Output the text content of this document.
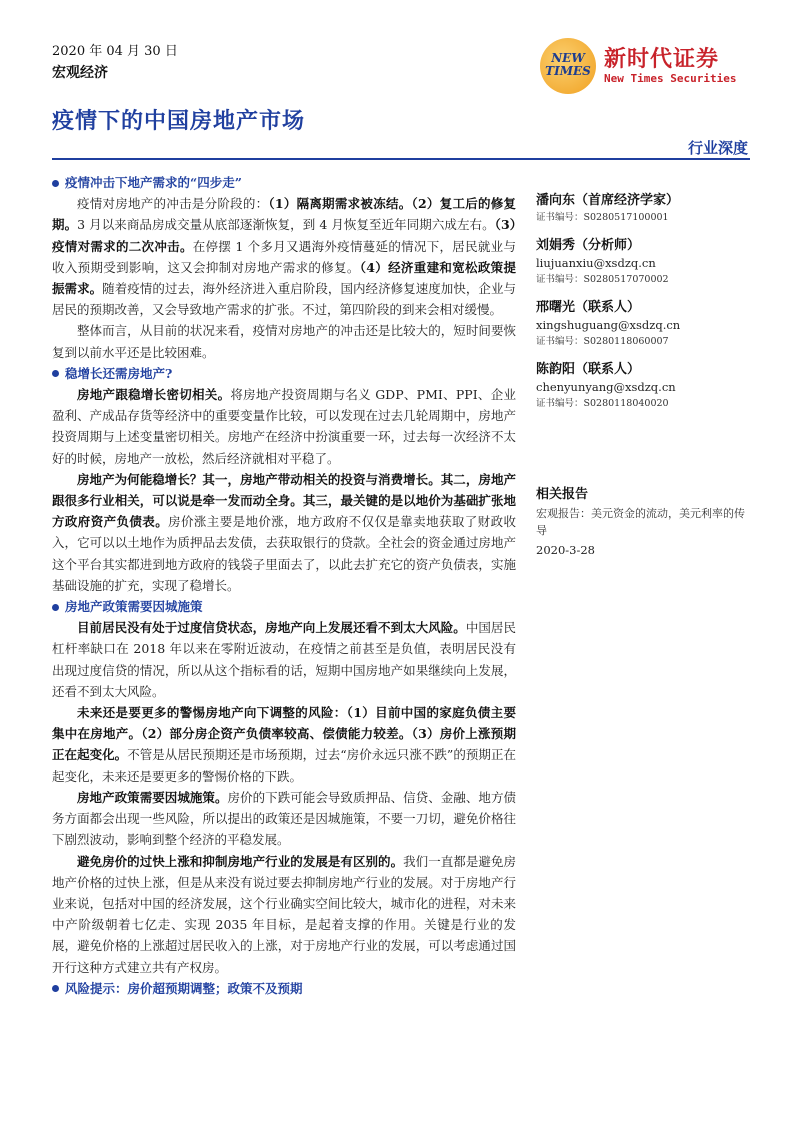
2020 年 04 月 30 日
宏观经济
NEW TIMES 新时代证券
New Times Securities
疫情下的中国房地产市场
行业深度
疫情冲击下地产需求的“四步走”

疫情对房地产的冲击是分阶段的：（1）隔离期需求被冻结。（2）复工后的修复期。3 月以来商品房成交量从底部逐渐恢复，到 4 月恢复至近年同期六成左右。（3）疫情对需求的二次冲击。在停摆 1 个多月又遇海外疫情蔓延的情况下，居民就业与收入预期受到影响，这又会抑制对房地产需求的修复。（4）经济重建和宽松政策提振需求。随着疫情的过去，海外经济进入重启阶段，国内经济修复速度加快，企业与居民的预期改善，又会导致地产需求的扩张。不过，第四阶段的到来会相对缓慢。

整体而言，从目前的状况来看，疫情对房地产的冲击还是比较大的，短时间要恢复到以前水平还是比较困难。

稳增长还需房地产?

房地产跟稳增长密切相关。将房地产投资周期与名义 GDP、PMI、PPI、企业盈利、产成品存货等经济中的重要变量作比较，可以发现在过去几轮周期中，房地产投资周期与上述变量密切相关。房地产在经济中扮演重要一环，过去每一次经济不太好的时候，房地产一放松，然后经济就相对平稳了。

房地产为何能稳增长？其一，房地产带动相关的投资与消费增长。其二，房地产跟很多行业相关，可以说是牵一发而动全身。其三，最关键的是以地价为基础扩张地方政府资产负债表。房价涨主要是地价涨，地方政府不仅仅是靠卖地获取了财政收入，它可以以土地作为质押品去发债，去获取银行的贷款。全社会的资金通过房地产这个平台其实都进到地方政府的钱袋子里面去了，以此去扩充它的资产负债表，实施基础设施的扩充，实现了稳增长。

房地产政策需要因城施策

目前居民没有处于过度信贷状态，房地产向上发展还看不到太大风险。中国居民杠杆率缺口在 2018 年以来在零附近波动，在疫情之前甚至是负值，表明居民没有出现过度信贷的情况，所以从这个指标看的话，短期中国房地产如果继续向上发展，还看不到太大风险。

未来还是要更多的警惕房地产向下调整的风险：（1）目前中国的家庭负债主要集中在房地产。（2）部分房企资产负债率较高、偿债能力较差。（3）房价上涨预期正在起变化。不管是从居民预期还是市场预期，过去“房价永远只涨不跌”的预期正在起变化，未来还是要更多的警惕价格的下跌。

房地产政策需要因城施策。房价的下跌可能会导致质押品、信贷、金融、地方债务方面都会出现一些风险，所以提出的政策还是因城施策，不要一刀切，避免价格往下剧烈波动，影响到整个经济的平稳发展。

避免房价的过快上涨和抑制房地产行业的发展是有区别的。我们一直都是避免房地产价格的过快上涨，但是从来没有说过要去抑制房地产行业的发展。对于房地产行业来说，包括对中国的经济发展，这个行业确实空间比较大，城市化的进程，对未来中产阶级朝着七亿走、实现 2035 年目标，是起着支撑的作用。关键是行业的发展，避免价格的上涨超过居民收入的上涨，对于房地产行业的发展，可以考虑通过国开行这种方式建立共有产权房。

风险提示：房价超预期调整；政策不及预期
潘向东（首席经济学家）
证书编号：S0280517100001
刘娟秀（分析师）
liujuanxiu@xsdzq.cn
证书编号：S0280517070002
邢曙光（联系人）
xingshuguang@xsdzq.cn
证书编号：S0280118060007
陈韵阳（联系人）
chenyunyang@xsdzq.cn
证书编号：S0280118040020
相关报告
宏观报告：美元资金的流动，美元利率的传导
2020-3-28
